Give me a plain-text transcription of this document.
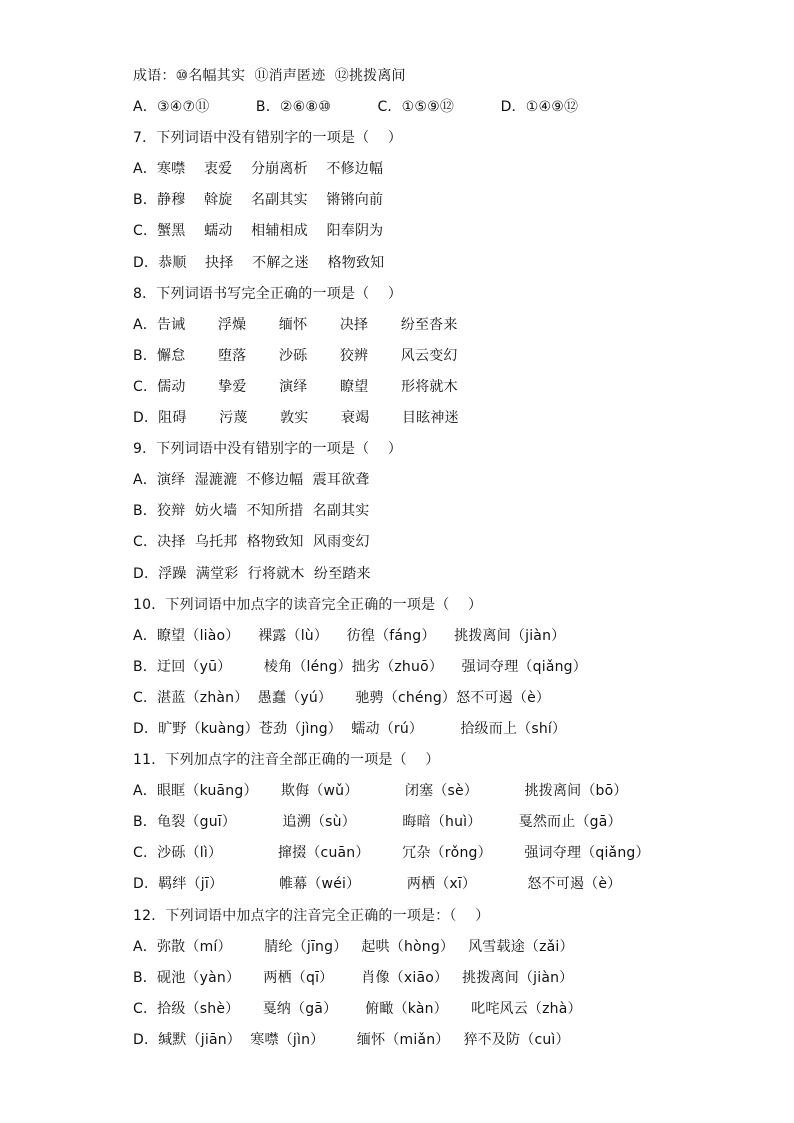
成语：⑩名幅其实  ⑪消声匿迹  ⑫挑拨离间
A．③④⑦⑪          B．②⑥⑧⑩          C．①⑤⑨⑫          D．①④⑨⑫
7．下列词语中没有错别字的一项是（    ）
A．寒噤    衷爱    分崩离析    不修边幅
B．静穆    斡旋    名副其实    锵锵向前
C．蟹黑    蠕动    相辅相成    阳奉阴为
D．恭顺    抉择    不解之迷    格物致知
8．下列词语书写完全正确的一项是（    ）
A．告诫       浮燥       缅怀       决择       纷至沓来
B．懈怠       堕落       沙砾       狡辨       风云变幻
C．儒动       挚爱       演绎       瞭望       形将就木
D．阻碍       污蔑       敦实       衰竭       目眩神迷
9．下列词语中没有错别字的一项是（    ）
A．演绎  湿漉漉  不修边幅  震耳欲聋
B．狡辩  妨火墙  不知所措  名副其实
C．决择  乌托邦  格物致知  风雨变幻
D．浮躁  满堂彩  行将就木  纷至踏来
10．下列词语中加点字的读音完全正确的一项是（    ）
A．瞭望（liào）    裸露（lù）    彷徨（fáng）    挑拨离间（jiàn）
B．迂回（yū）       棱角（léng）拙劣（zhuō）    强词夺理（qiǎng）
C．湛蓝（zhàn）  愚蠢（yú）     驰骋（chéng）怒不可遏（è）
D．旷野（kuàng）苍劲（jìng）  蠕动（rú）        拾级而上（shí）
11．下列加点字的注音全部正确的一项是（    ）
A．眼眶（kuāng）     欺侮（wǔ）          闭塞（sè）          挑拨离间（bō）
B．龟裂（guī）          追溯（sù）          晦暗（huì）        戛然而止（gā）
C．沙砾（lì）            撺掇（cuān）       冗杂（rǒng）       强词夺理（qiǎng）
D．羁绊（jī）            帷幕（wéi）          两栖（xī）           怒不可遏（è）
12．下列词语中加点字的注音完全正确的一项是：（    ）
A．弥散（mí）       腈纶（jīng）   起哄（hòng）   风雪载途（zǎi）
B．砚池（yàn）     两栖（qī）      肖像（xiāo）   挑拨离间（jiàn）
C．拾级（shè）     戛纳（gā）      俯瞰（kàn）     叱咤风云（zhà）
D．缄默（jiān）  寒噤（jìn）       缅怀（miǎn）   猝不及防（cuì）
